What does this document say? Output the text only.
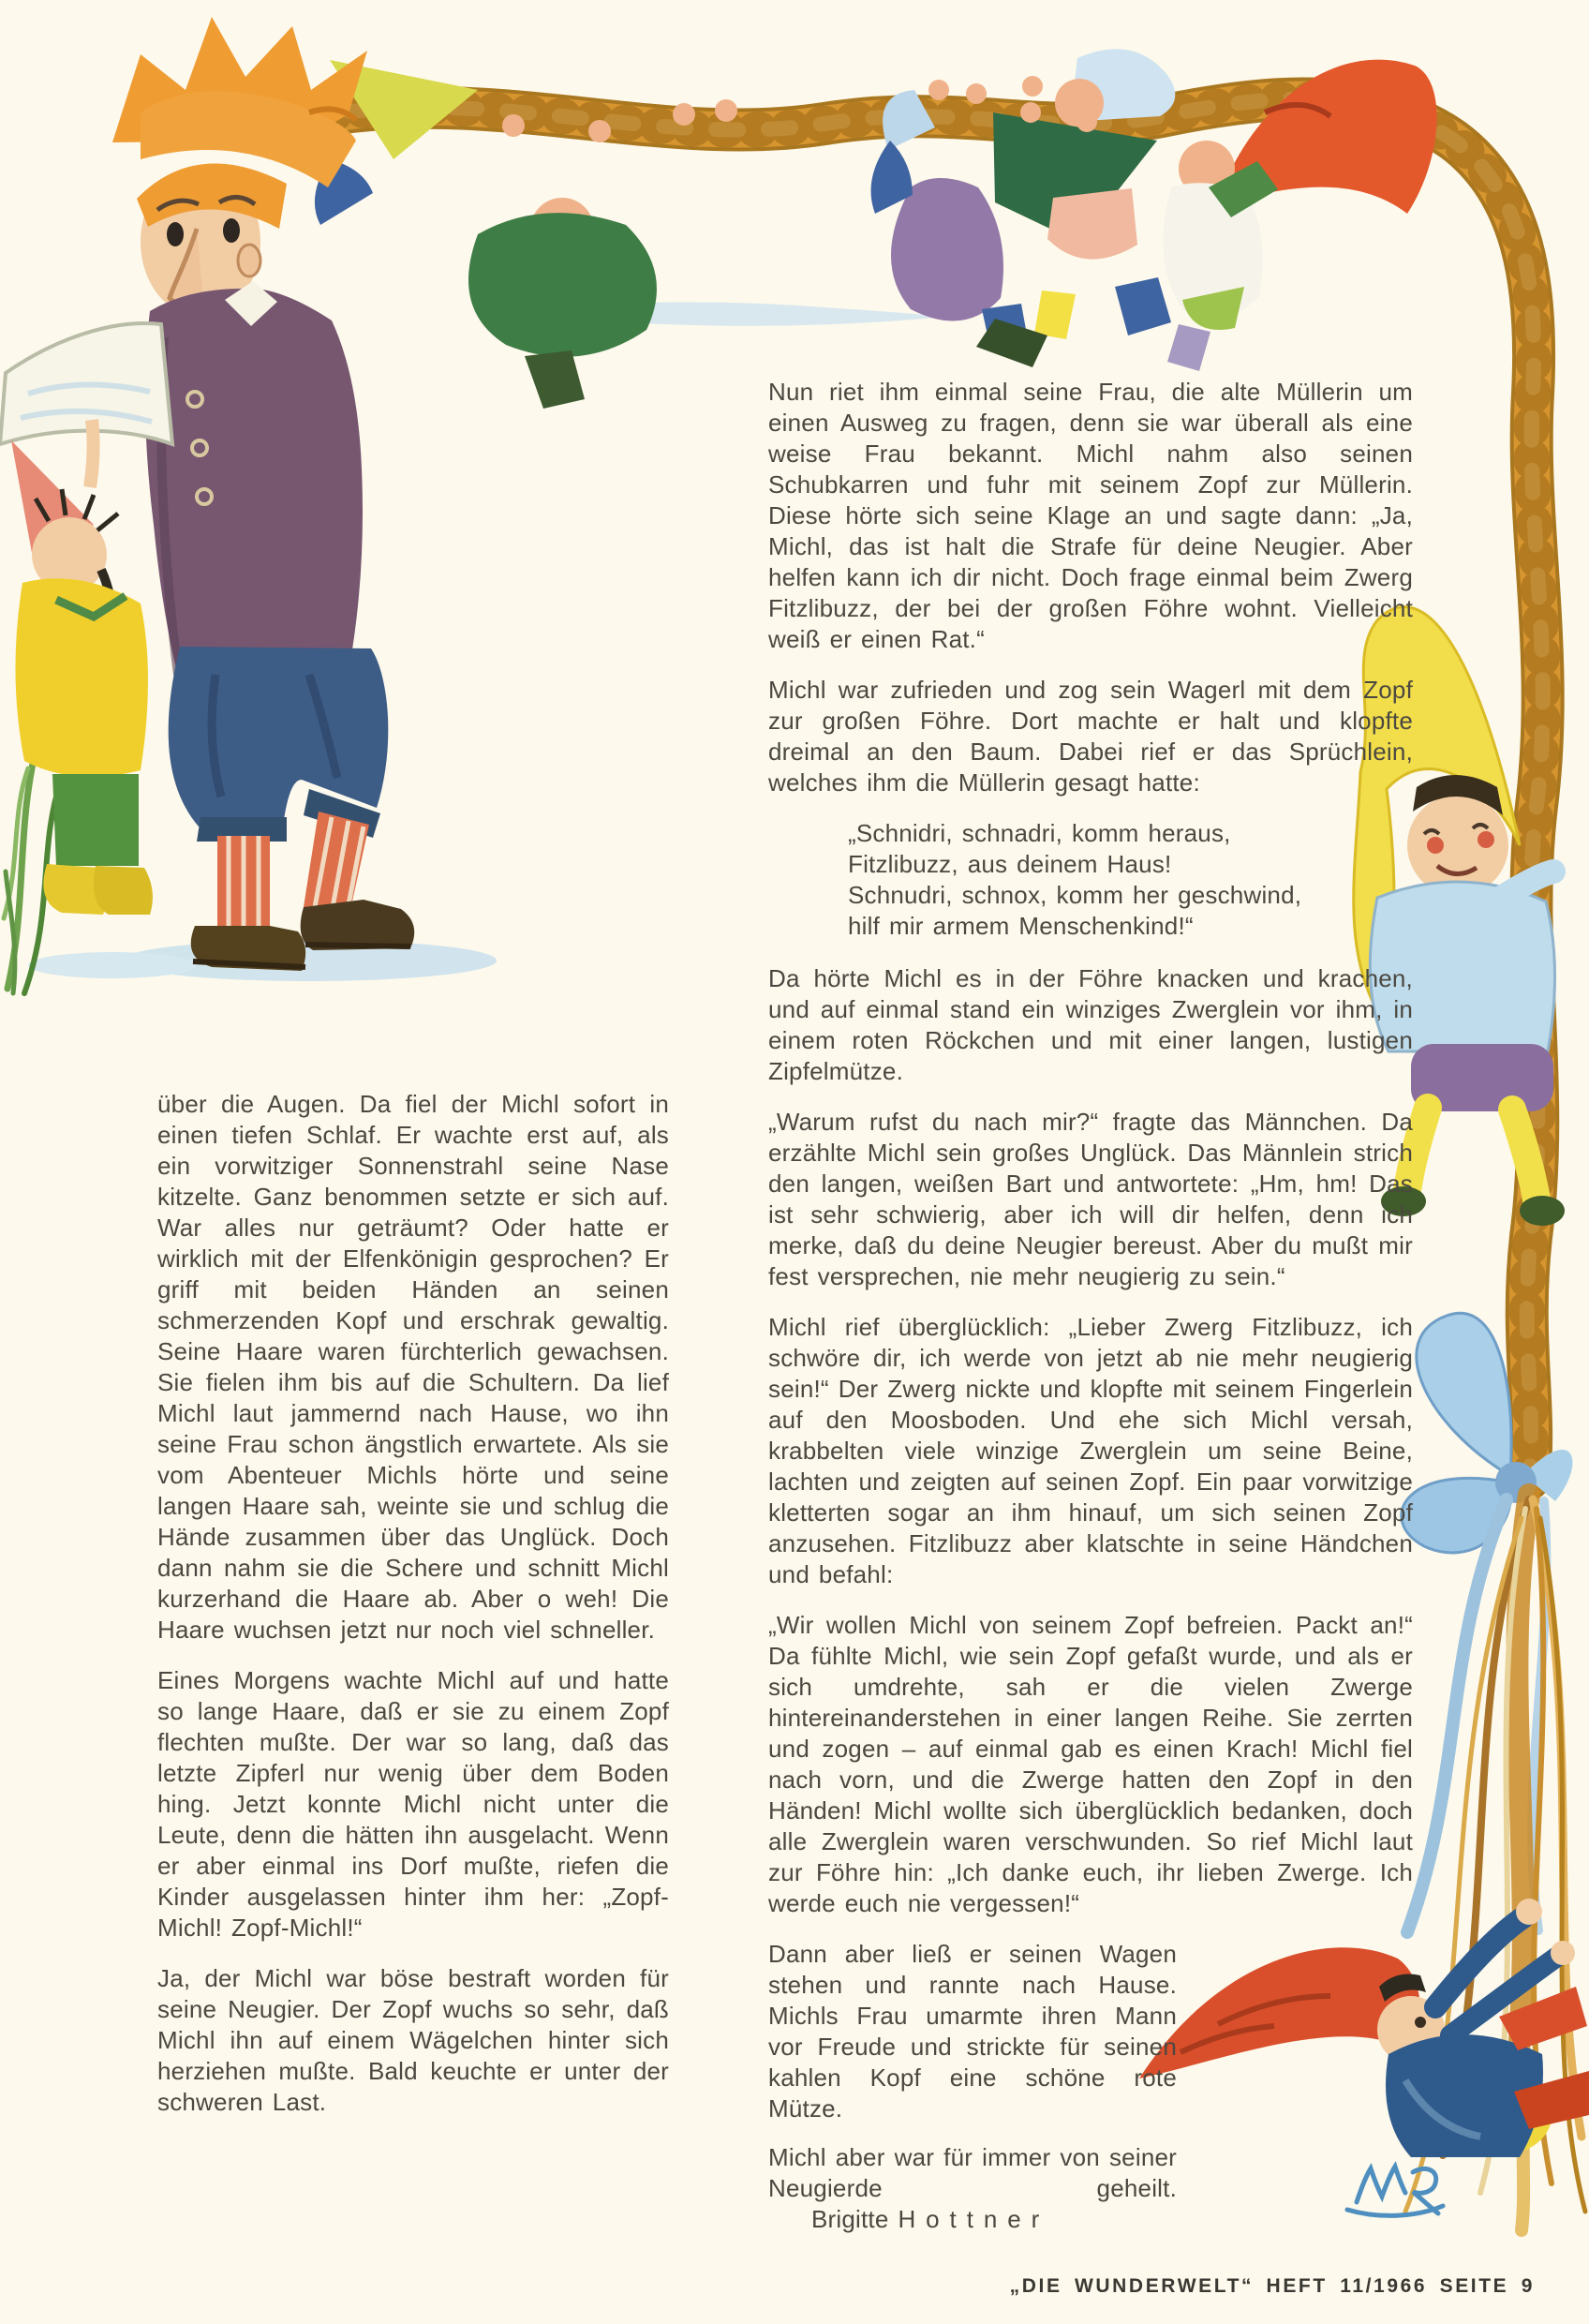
über die Augen. Da fiel der Michl sofort in einen tiefen Schlaf. Er wachte erst auf, als ein vorwitziger Sonnenstrahl seine Nase kitzelte. Ganz benommen setzte er sich auf. War alles nur geträumt? Oder hatte er wirklich mit der Elfenkönigin gesprochen? Er griff mit beiden Händen an seinen schmerzenden Kopf und erschrak gewaltig. Seine Haare waren fürchterlich gewachsen. Sie fielen ihm bis auf die Schultern. Da lief Michl laut jammernd nach Hause, wo ihn seine Frau schon ängstlich erwartete. Als sie vom Abenteuer Michls hörte und seine langen Haare sah, weinte sie und schlug die Hände zusammen über das Unglück. Doch dann nahm sie die Schere und schnitt Michl kurzerhand die Haare ab. Aber o weh! Die Haare wuchsen jetzt nur noch viel schneller.

Eines Morgens wachte Michl auf und hatte so lange Haare, daß er sie zu einem Zopf flechten mußte. Der war so lang, daß das letzte Zipferl nur wenig über dem Boden hing. Jetzt konnte Michl nicht unter die Leute, denn die hätten ihn ausgelacht. Wenn er aber einmal ins Dorf mußte, riefen die Kinder ausgelassen hinter ihm her: „Zopf-Michl! Zopf-Michl!“

Ja, der Michl war böse bestraft worden für seine Neugier. Der Zopf wuchs so sehr, daß Michl ihn auf einem Wägelchen hinter sich herziehen mußte. Bald keuchte er unter der schweren Last.

Nun riet ihm einmal seine Frau, die alte Müllerin um einen Ausweg zu fragen, denn sie war überall als eine weise Frau bekannt. Michl nahm also seinen Schubkarren und fuhr mit seinem Zopf zur Müllerin. Diese hörte sich seine Klage an und sagte dann: „Ja, Michl, das ist halt die Strafe für deine Neugier. Aber helfen kann ich dir nicht. Doch frage einmal beim Zwerg Fitzlibuzz, der bei der großen Föhre wohnt. Vielleicht weiß er einen Rat.“

Michl war zufrieden und zog sein Wagerl mit dem Zopf zur großen Föhre. Dort machte er halt und klopfte dreimal an den Baum. Dabei rief er das Sprüchlein, welches ihm die Müllerin gesagt hatte:

„Schnidri, schnadri, komm heraus,
Fitzlibuzz, aus deinem Haus!
Schnudri, schnox, komm her geschwind,
hilf mir armem Menschenkind!“

Da hörte Michl es in der Föhre knacken und krachen, und auf einmal stand ein winziges Zwerglein vor ihm, in einem roten Röckchen und mit einer langen, lustigen Zipfelmütze.

„Warum rufst du nach mir?“ fragte das Männchen. Da erzählte Michl sein großes Unglück. Das Männlein strich den langen, weißen Bart und antwortete: „Hm, hm! Das ist sehr schwierig, aber ich will dir helfen, denn ich merke, daß du deine Neugier bereust. Aber du mußt mir fest versprechen, nie mehr neugierig zu sein.“

Michl rief überglücklich: „Lieber Zwerg Fitzlibuzz, ich schwöre dir, ich werde von jetzt ab nie mehr neugierig sein!“ Der Zwerg nickte und klopfte mit seinem Fingerlein auf den Moosboden. Und ehe sich Michl versah, krabbelten viele winzige Zwerglein um seine Beine, lachten und zeigten auf seinen Zopf. Ein paar vorwitzige kletterten sogar an ihm hinauf, um sich seinen Zopf anzusehen. Fitzlibuzz aber klatschte in seine Händchen und befahl:

„Wir wollen Michl von seinem Zopf befreien. Packt an!“ Da fühlte Michl, wie sein Zopf gefaßt wurde, und als er sich umdrehte, sah er die vielen Zwerge hintereinanderstehen in einer langen Reihe. Sie zerrten und zogen – auf einmal gab es einen Krach! Michl fiel nach vorn, und die Zwerge hatten den Zopf in den Händen! Michl wollte sich überglücklich bedanken, doch alle Zwerglein waren verschwunden. So rief Michl laut zur Föhre hin: „Ich danke euch, ihr lieben Zwerge. Ich werde euch nie vergessen!“

Dann aber ließ er seinen Wagen stehen und rannte nach Hause. Michls Frau umarmte ihren Mann vor Freude und strickte für seinen kahlen Kopf eine schöne rote Mütze.

Michl aber war für immer von seiner Neugierde geheilt. Brigitte Hottner

„DIE WUNDERWELT“ HEFT 11/1966 SEITE 9
